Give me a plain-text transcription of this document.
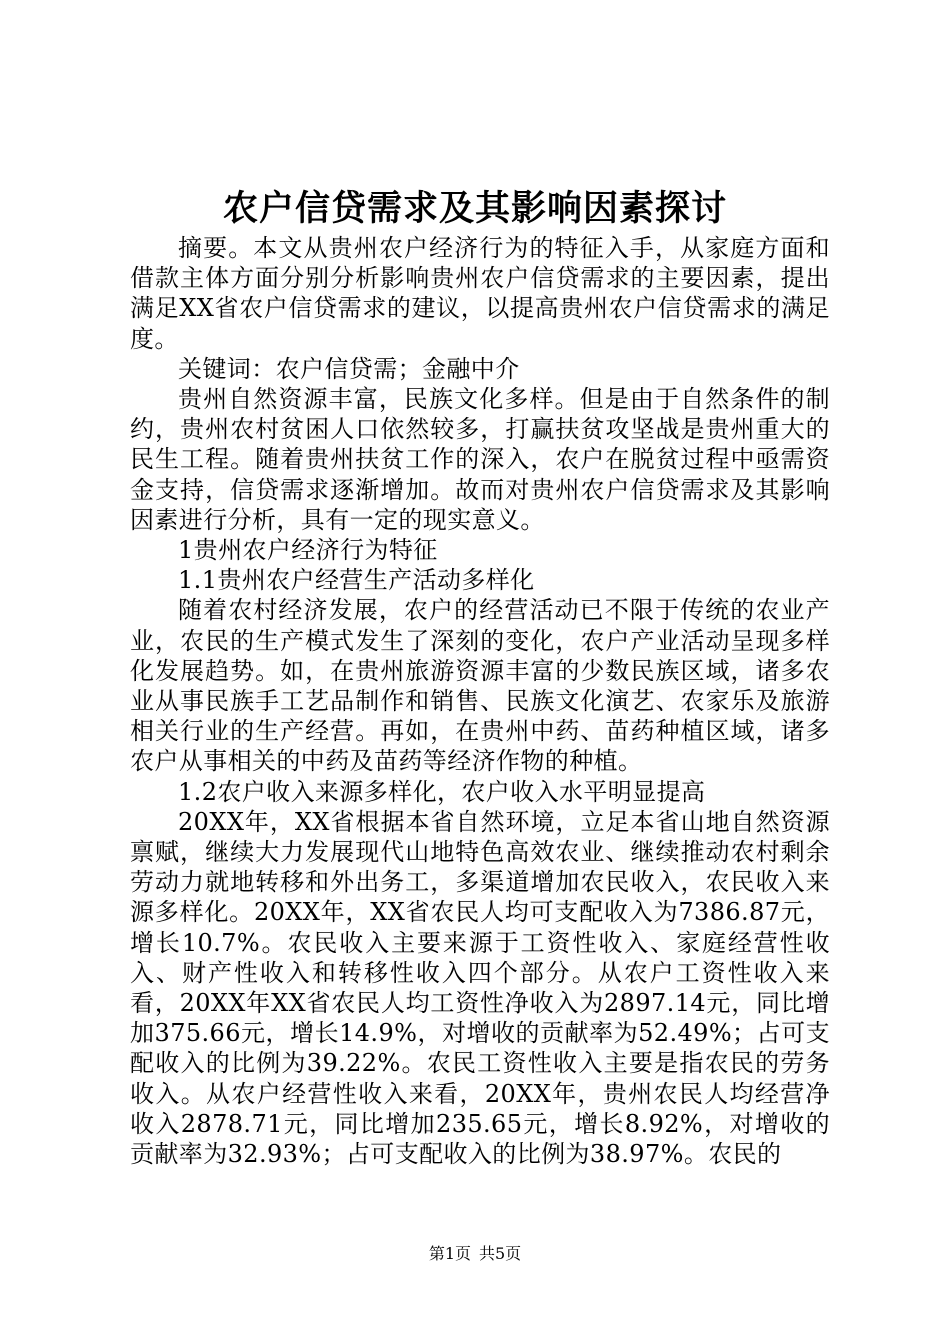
农户信贷需求及其影响因素探讨

摘要。本文从贵州农户经济行为的特征入手，从家庭方面和借款主体方面分别分析影响贵州农户信贷需求的主要因素，提出满足XX省农户信贷需求的建议，以提高贵州农户信贷需求的满足度。

关键词：农户信贷需；金融中介

贵州自然资源丰富，民族文化多样。但是由于自然条件的制约，贵州农村贫困人口依然较多，打赢扶贫攻坚战是贵州重大的民生工程。随着贵州扶贫工作的深入，农户在脱贫过程中亟需资金支持，信贷需求逐渐增加。故而对贵州农户信贷需求及其影响因素进行分析，具有一定的现实意义。

1贵州农户经济行为特征

1.1贵州农户经营生产活动多样化

随着农村经济发展，农户的经营活动已不限于传统的农业产业，农民的生产模式发生了深刻的变化，农户产业活动呈现多样化发展趋势。如，在贵州旅游资源丰富的少数民族区域，诸多农业从事民族手工艺品制作和销售、民族文化演艺、农家乐及旅游相关行业的生产经营。再如，在贵州中药、苗药种植区域，诸多农户从事相关的中药及苗药等经济作物的种植。

1.2农户收入来源多样化，农户收入水平明显提高

20XX年，XX省根据本省自然环境，立足本省山地自然资源禀赋，继续大力发展现代山地特色高效农业、继续推动农村剩余劳动力就地转移和外出务工，多渠道增加农民收入，农民收入来源多样化。20XX年，XX省农民人均可支配收入为7386.87元，增长10.7%。农民收入主要来源于工资性收入、家庭经营性收入、财产性收入和转移性收入四个部分。从农户工资性收入来看，20XX年XX省农民人均工资性净收入为2897.14元，同比增加375.66元，增长14.9%，对增收的贡献率为52.49%；占可支配收入的比例为39.22%。农民工资性收入主要是指农民的劳务收入。从农户经营性收入来看，20XX年，贵州农民人均经营净收入2878.71元，同比增加235.65元，增长8.92%，对增收的贡献率为32.93%；占可支配收入的比例为38.97%。农民的

第1页 共5页
